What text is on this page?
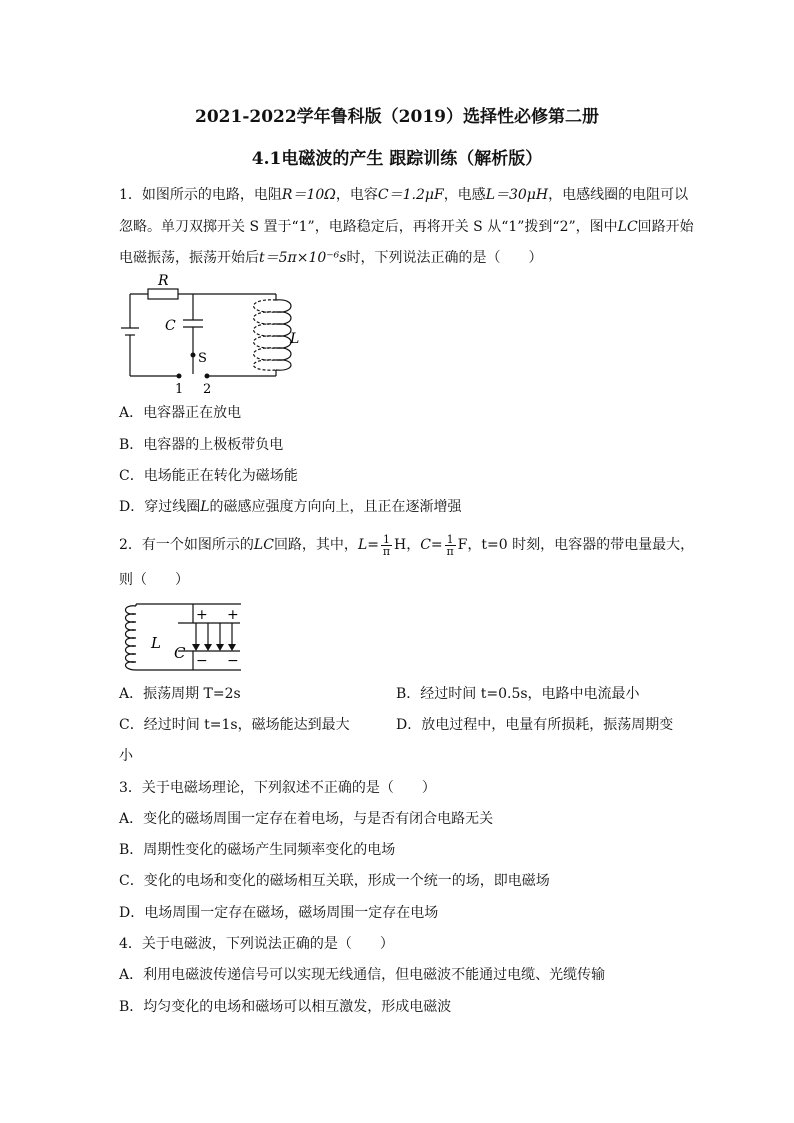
2021-2022学年鲁科版（2019）选择性必修第二册
4.1电磁波的产生 跟踪训练（解析版）
1．如图所示的电路，电阻R＝10Ω，电容C＝1.2μF，电感L＝30μH，电感线圈的电阻可以
忽略。单刀双掷开关 S 置于“1”，电路稳定后，再将开关 S 从“1”拨到“2”，图中LC回路开始
电磁振荡，振荡开始后t＝5π×10⁻⁶s时，下列说法正确的是（　　）
R
C
S
L
1 2
A．电容器正在放电
B．电容器的上极板带负电
C．电场能正在转化为磁场能
D．穿过线圈L的磁感应强度方向向上，且正在逐渐增强
2．有一个如图所示的LC回路，其中，$L= \frac{1}{\pi}$ H，$C= \frac{1}{\pi}$ F，t=0 时刻，电容器的带电量最大，
则（　　）
+ +
− −
L
C
A．振荡周期 T=2s	B．经过时间 t=0.5s，电路中电流最小
C．经过时间 t=1s，磁场能达到最大	D．放电过程中，电量有所损耗，振荡周期变
小
3．关于电磁场理论，下列叙述不正确的是（　　）
A．变化的磁场周围一定存在着电场，与是否有闭合电路无关
B．周期性变化的磁场产生同频率变化的电场
C．变化的电场和变化的磁场相互关联，形成一个统一的场，即电磁场
D．电场周围一定存在磁场，磁场周围一定存在电场
4．关于电磁波，下列说法正确的是（　　）
A．利用电磁波传递信号可以实现无线通信，但电磁波不能通过电缆、光缆传输
B．均匀变化的电场和磁场可以相互激发，形成电磁波
